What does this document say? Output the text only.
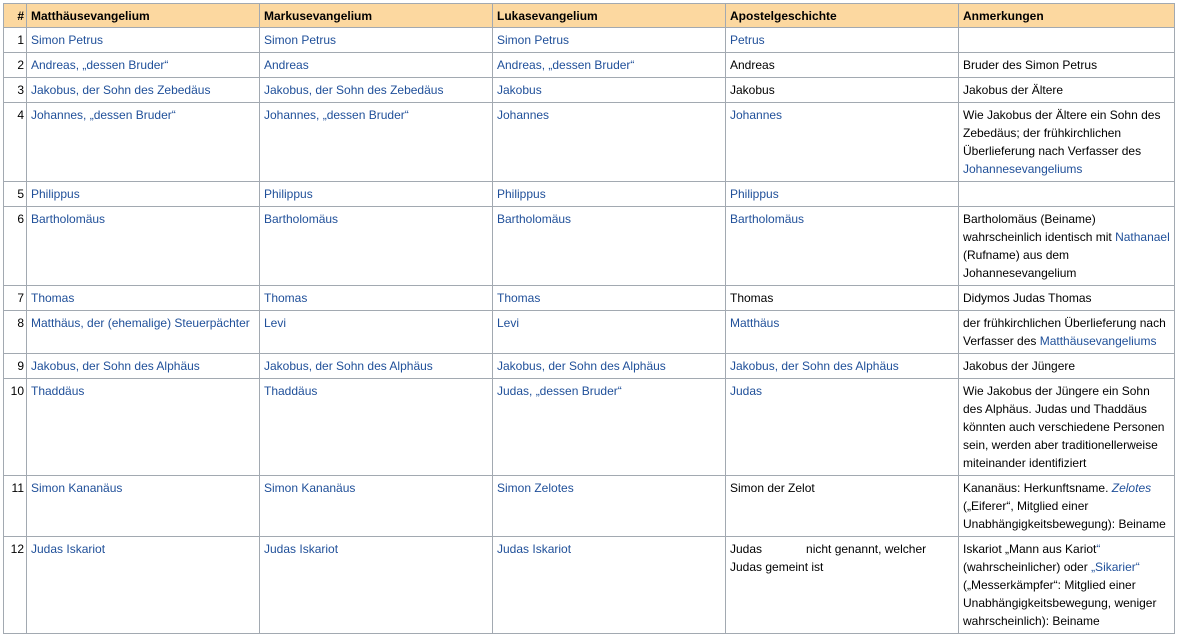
#	Matthäusevangelium	Markusevangelium	Lukasevangelium	Apostelgeschichte	Anmerkungen
1	Simon Petrus	Simon Petrus	Simon Petrus	Petrus	
2	Andreas, „dessen Bruder“	Andreas	Andreas, „dessen Bruder“	Andreas	Bruder des Simon Petrus
3	Jakobus, der Sohn des Zebedäus	Jakobus, der Sohn des Zebedäus	Jakobus	Jakobus	Jakobus der Ältere
4	Johannes, „dessen Bruder“	Johannes, „dessen Bruder“	Johannes	Johannes	Wie Jakobus der Ältere ein Sohn des Zebedäus; der frühkirchlichen Überlieferung nach Verfasser des Johannesevangeliums
5	Philippus	Philippus	Philippus	Philippus	
6	Bartholomäus	Bartholomäus	Bartholomäus	Bartholomäus	Bartholomäus (Beiname) wahrscheinlich identisch mit Nathanael (Rufname) aus dem Johannesevangelium
7	Thomas	Thomas	Thomas	Thomas	Didymos Judas Thomas
8	Matthäus, der (ehemalige) Steuerpächter	Levi	Levi	Matthäus	der frühkirchlichen Überlieferung nach Verfasser des Matthäusevangeliums
9	Jakobus, der Sohn des Alphäus	Jakobus, der Sohn des Alphäus	Jakobus, der Sohn des Alphäus	Jakobus, der Sohn des Alphäus	Jakobus der Jüngere
10	Thaddäus	Thaddäus	Judas, „dessen Bruder“	Judas	Wie Jakobus der Jüngere ein Sohn des Alphäus. Judas und Thaddäus könnten auch verschiedene Personen sein, werden aber traditionellerweise miteinander identifiziert
11	Simon Kananäus	Simon Kananäus	Simon Zelotes	Simon der Zelot	Kananäus: Herkunftsname. Zelotes („Eiferer“, Mitglied einer Unabhängigkeitsbewegung): Beiname
12	Judas Iskariot	Judas Iskariot	Judas Iskariot	Judas nicht genannt, welcher Judas gemeint ist	Iskariot „Mann aus Kariot“ (wahrscheinlicher) oder „Sikarier“ („Messerkämpfer“: Mitglied einer Unabhängigkeitsbewegung, weniger wahrscheinlich): Beiname
